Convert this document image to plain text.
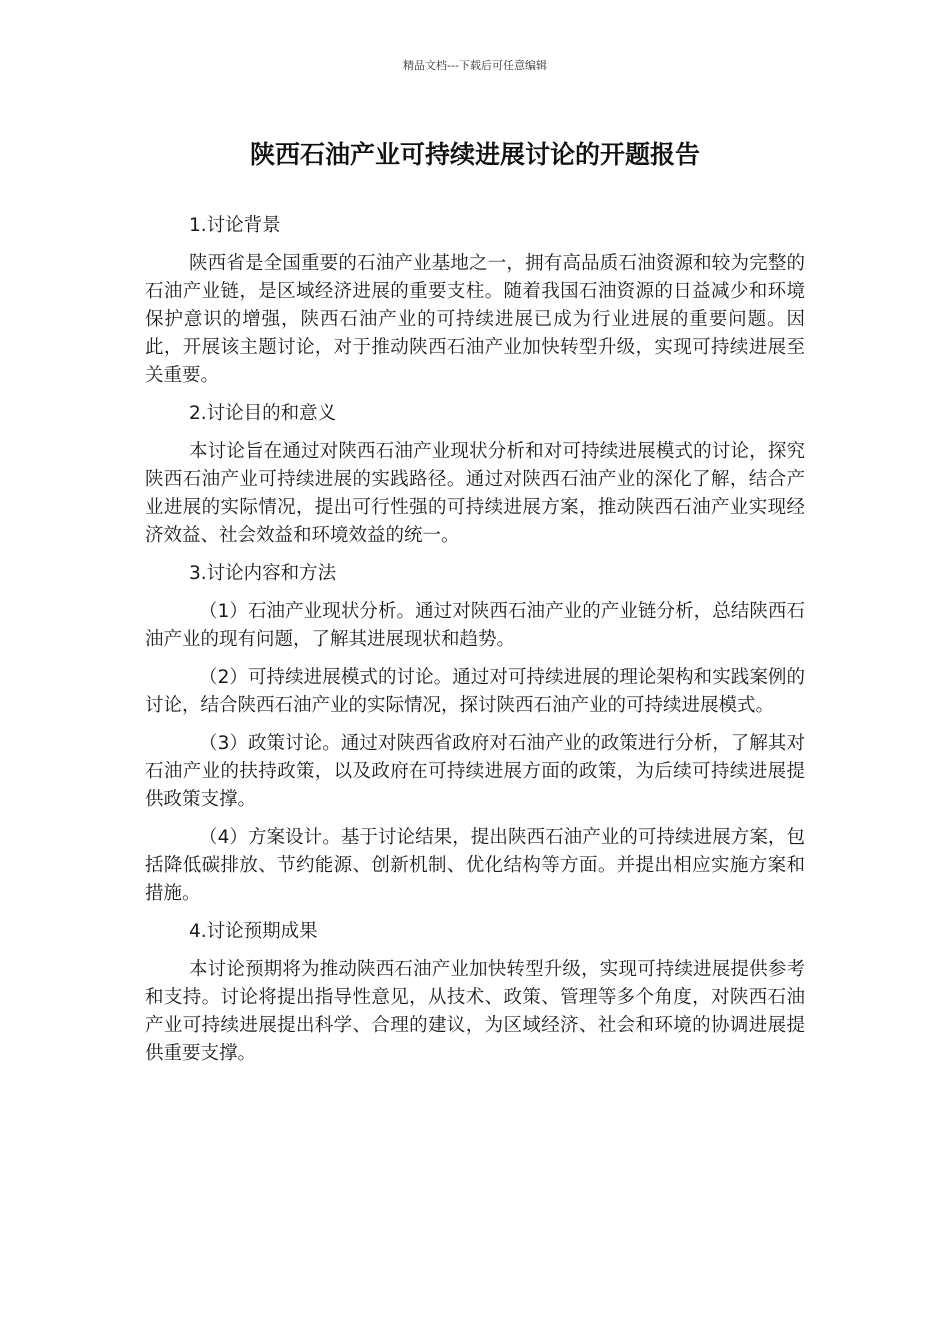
精品文档---下载后可任意编辑
陕西石油产业可持续进展讨论的开题报告

1.讨论背景

陕西省是全国重要的石油产业基地之一，拥有高品质石油资源和较为完整的石油产业链，是区域经济进展的重要支柱。随着我国石油资源的日益减少和环境保护意识的增强，陕西石油产业的可持续进展已成为行业进展的重要问题。因此，开展该主题讨论，对于推动陕西石油产业加快转型升级，实现可持续进展至关重要。

2.讨论目的和意义

本讨论旨在通过对陕西石油产业现状分析和对可持续进展模式的讨论，探究陕西石油产业可持续进展的实践路径。通过对陕西石油产业的深化了解，结合产业进展的实际情况，提出可行性强的可持续进展方案，推动陕西石油产业实现经济效益、社会效益和环境效益的统一。

3.讨论内容和方法

（1）石油产业现状分析。通过对陕西石油产业的产业链分析，总结陕西石油产业的现有问题，了解其进展现状和趋势。

（2）可持续进展模式的讨论。通过对可持续进展的理论架构和实践案例的讨论，结合陕西石油产业的实际情况，探讨陕西石油产业的可持续进展模式。

（3）政策讨论。通过对陕西省政府对石油产业的政策进行分析，了解其对石油产业的扶持政策，以及政府在可持续进展方面的政策，为后续可持续进展提供政策支撑。

（4）方案设计。基于讨论结果，提出陕西石油产业的可持续进展方案，包括降低碳排放、节约能源、创新机制、优化结构等方面。并提出相应实施方案和措施。

4.讨论预期成果

本讨论预期将为推动陕西石油产业加快转型升级，实现可持续进展提供参考和支持。讨论将提出指导性意见，从技术、政策、管理等多个角度，对陕西石油产业可持续进展提出科学、合理的建议，为区域经济、社会和环境的协调进展提供重要支撑。
